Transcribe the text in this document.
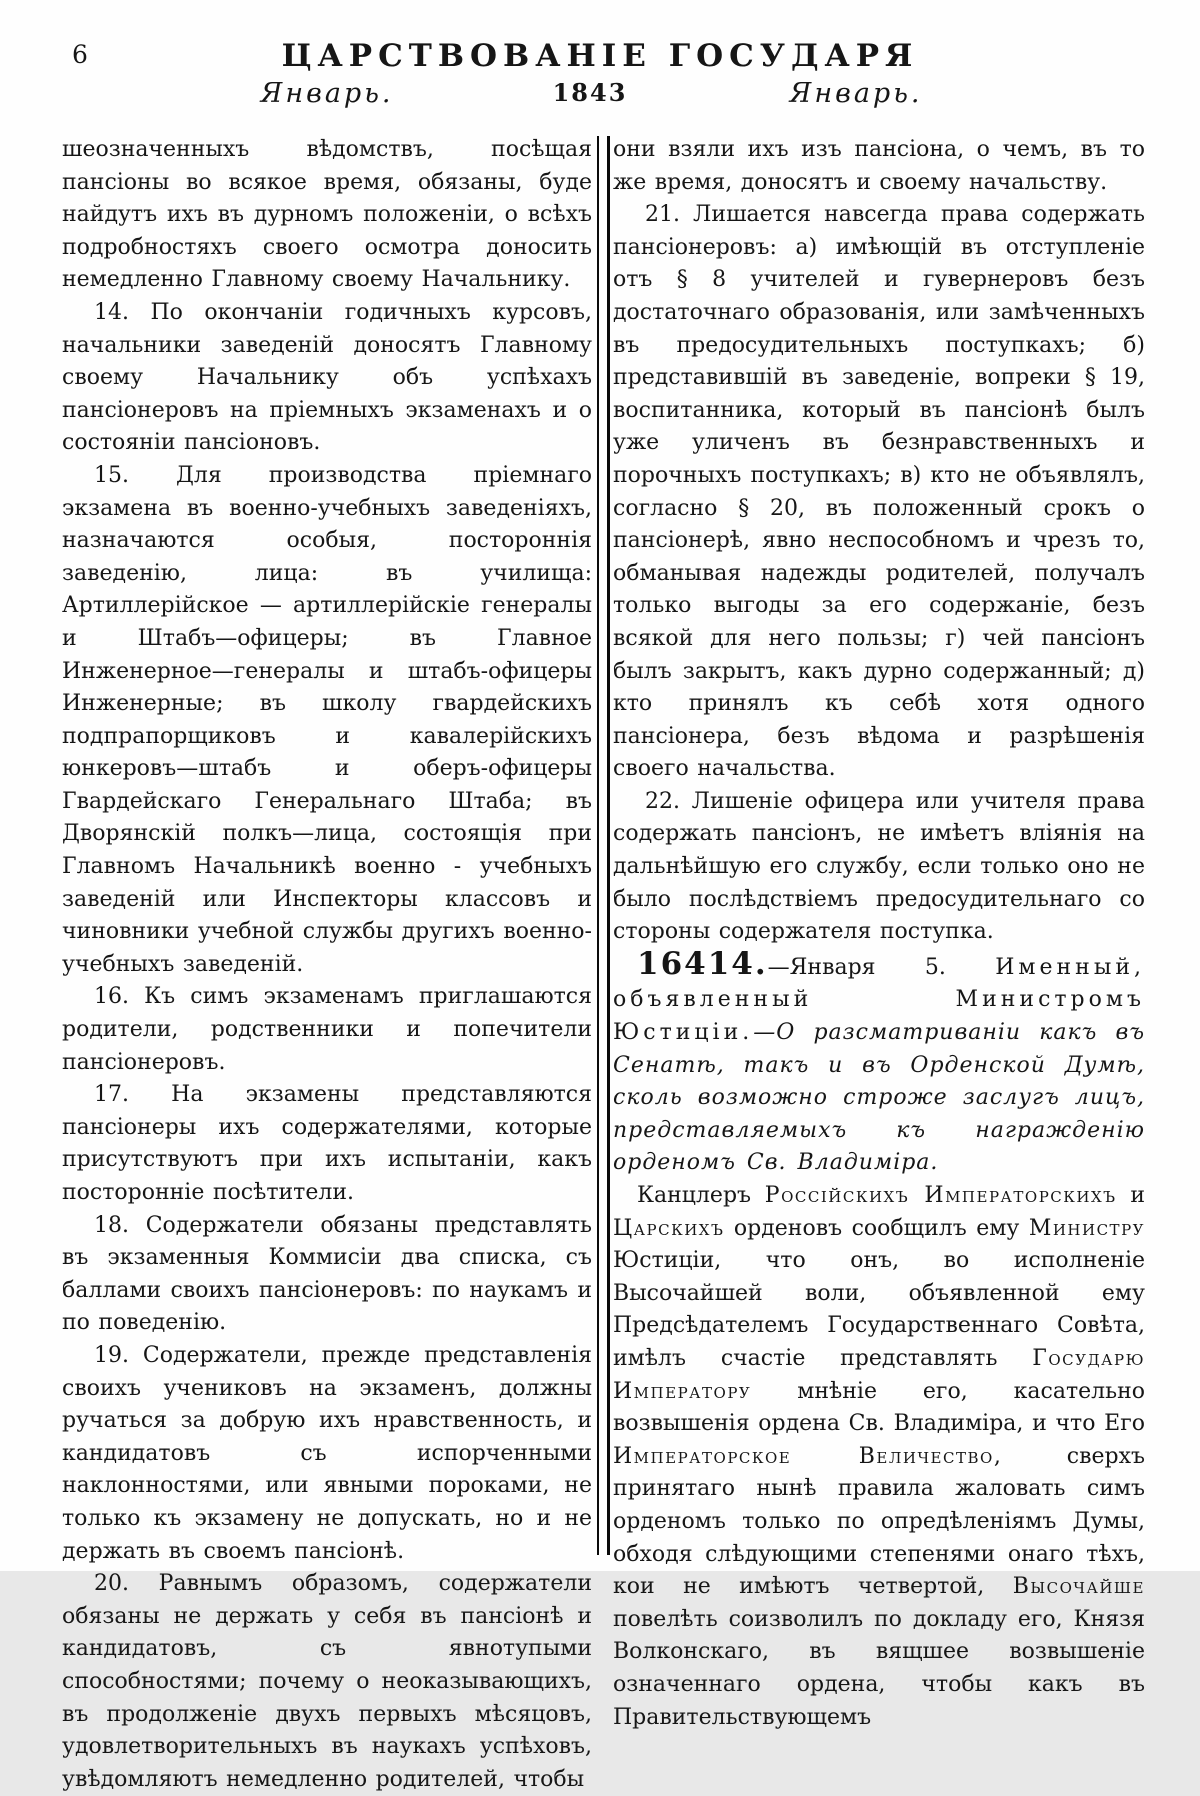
6	ЦАРСТВОВАНІЕ ГОСУДАРЯ
Январь.	1843	Январь.

шеозначенныхъ вѣдомствъ, посѣщая пансіоны во всякое время, обязаны, буде найдутъ ихъ въ дурномъ положеніи, о всѣхъ подробностяхъ своего осмотра доносить немедленно Главному своему Начальнику.

14. По окончаніи годичныхъ курсовъ, начальники заведеній доносятъ Главному своему Начальнику объ успѣхахъ пансіонеровъ на пріемныхъ экзаменахъ и о состояніи пансіоновъ.

15. Для производства пріемнаго экзамена въ военно-учебныхъ заведеніяхъ, назначаются особыя, постороннія заведенію, лица: въ училища: Артиллерійское — артиллерійскіе генералы и Штабъ—офицеры; въ Главное Инженерное—генералы и штабъ-офицеры Инженерные; въ школу гвардейскихъ подпрапорщиковъ и кавалерійскихъ юнкеровъ—штабъ и оберъ-офицеры Гвардейскаго Генеральнаго Штаба; въ Дворянскій полкъ—лица, состоящія при Главномъ Начальникѣ военно - учебныхъ заведеній или Инспекторы классовъ и чиновники учебной службы другихъ военно-учебныхъ заведеній.

16. Къ симъ экзаменамъ приглашаются родители, родственники и попечители пансіонеровъ.

17. На экзамены представляются пансіонеры ихъ содержателями, которые присутствуютъ при ихъ испытаніи, какъ посторонніе посѣтители.

18. Содержатели обязаны представлять въ экзаменныя Коммисіи два списка, съ баллами своихъ пансіонеровъ: по наукамъ и по поведенію.

19. Содержатели, прежде представленія своихъ учениковъ на экзаменъ, должны ручаться за добрую ихъ нравственность, и кандидатовъ съ испорченными наклонностями, или явными пороками, не только къ экзамену не допускать, но и не держать въ своемъ пансіонѣ.

20. Равнымъ образомъ, содержатели обязаны не держать у себя въ пансіонѣ и кандидатовъ, съ явнотупыми способностями; почему о неоказывающихъ, въ продолженіе двухъ первыхъ мѣсяцовъ, удовлетворительныхъ въ наукахъ успѣховъ, увѣдомляютъ немедленно родителей, чтобы

они взяли ихъ изъ пансіона, о чемъ, въ то же время, доносятъ и своему начальству.

21. Лишается навсегда права содержать пансіонеровъ: а) имѣющій въ отступленіе отъ § 8 учителей и гувернеровъ безъ достаточнаго образованія, или замѣченныхъ въ предосудительныхъ поступкахъ; б) представившій въ заведеніе, вопреки § 19, воспитанника, который въ пансіонѣ былъ уже уличенъ въ безнравственныхъ и порочныхъ поступкахъ; в) кто не объявлялъ, согласно § 20, въ положенный срокъ о пансіонерѣ, явно неспособномъ и чрезъ то, обманывая надежды родителей, получалъ только выгоды за его содержаніе, безъ всякой для него пользы; г) чей пансіонъ былъ закрытъ, какъ дурно содержанный; д) кто принялъ къ себѣ хотя одного пансіонера, безъ вѣдома и разрѣшенія своего начальства.

22. Лишеніе офицера или учителя права содержать пансіонъ, не имѣетъ вліянія на дальнѣйшую его службу, если только оно не было послѣдствіемъ предосудительнаго со стороны содержателя поступка.

16414.—Января 5. Именный, объявленный Министромъ Юстиціи.—О разсматриваніи какъ въ Сенатѣ, такъ и въ Орденской Думѣ, сколь возможно строже заслугъ лицъ, представляемыхъ къ награжденію орденомъ Св. Владиміра.

Канцлеръ Россійскихъ Императорскихъ и Царскихъ орденовъ сообщилъ ему Министру Юстиціи, что онъ, во исполненіе Высочайшей воли, объявленной ему Предсѣдателемъ Государственнаго Совѣта, имѣлъ счастіе представлять Государю Императору мнѣніе его, касательно возвышенія ордена Св. Владиміра, и что Его Императорское Величество, сверхъ принятаго нынѣ правила жаловать симъ орденомъ только по опредѣленіямъ Думы, обходя слѣдующими степенями онаго тѣхъ, кои не имѣютъ четвертой, Высочайше повелѣть соизволилъ по докладу его, Князя Волконскаго, въ вящшее возвышеніе означеннаго ордена, чтобы какъ въ Правительствующемъ
